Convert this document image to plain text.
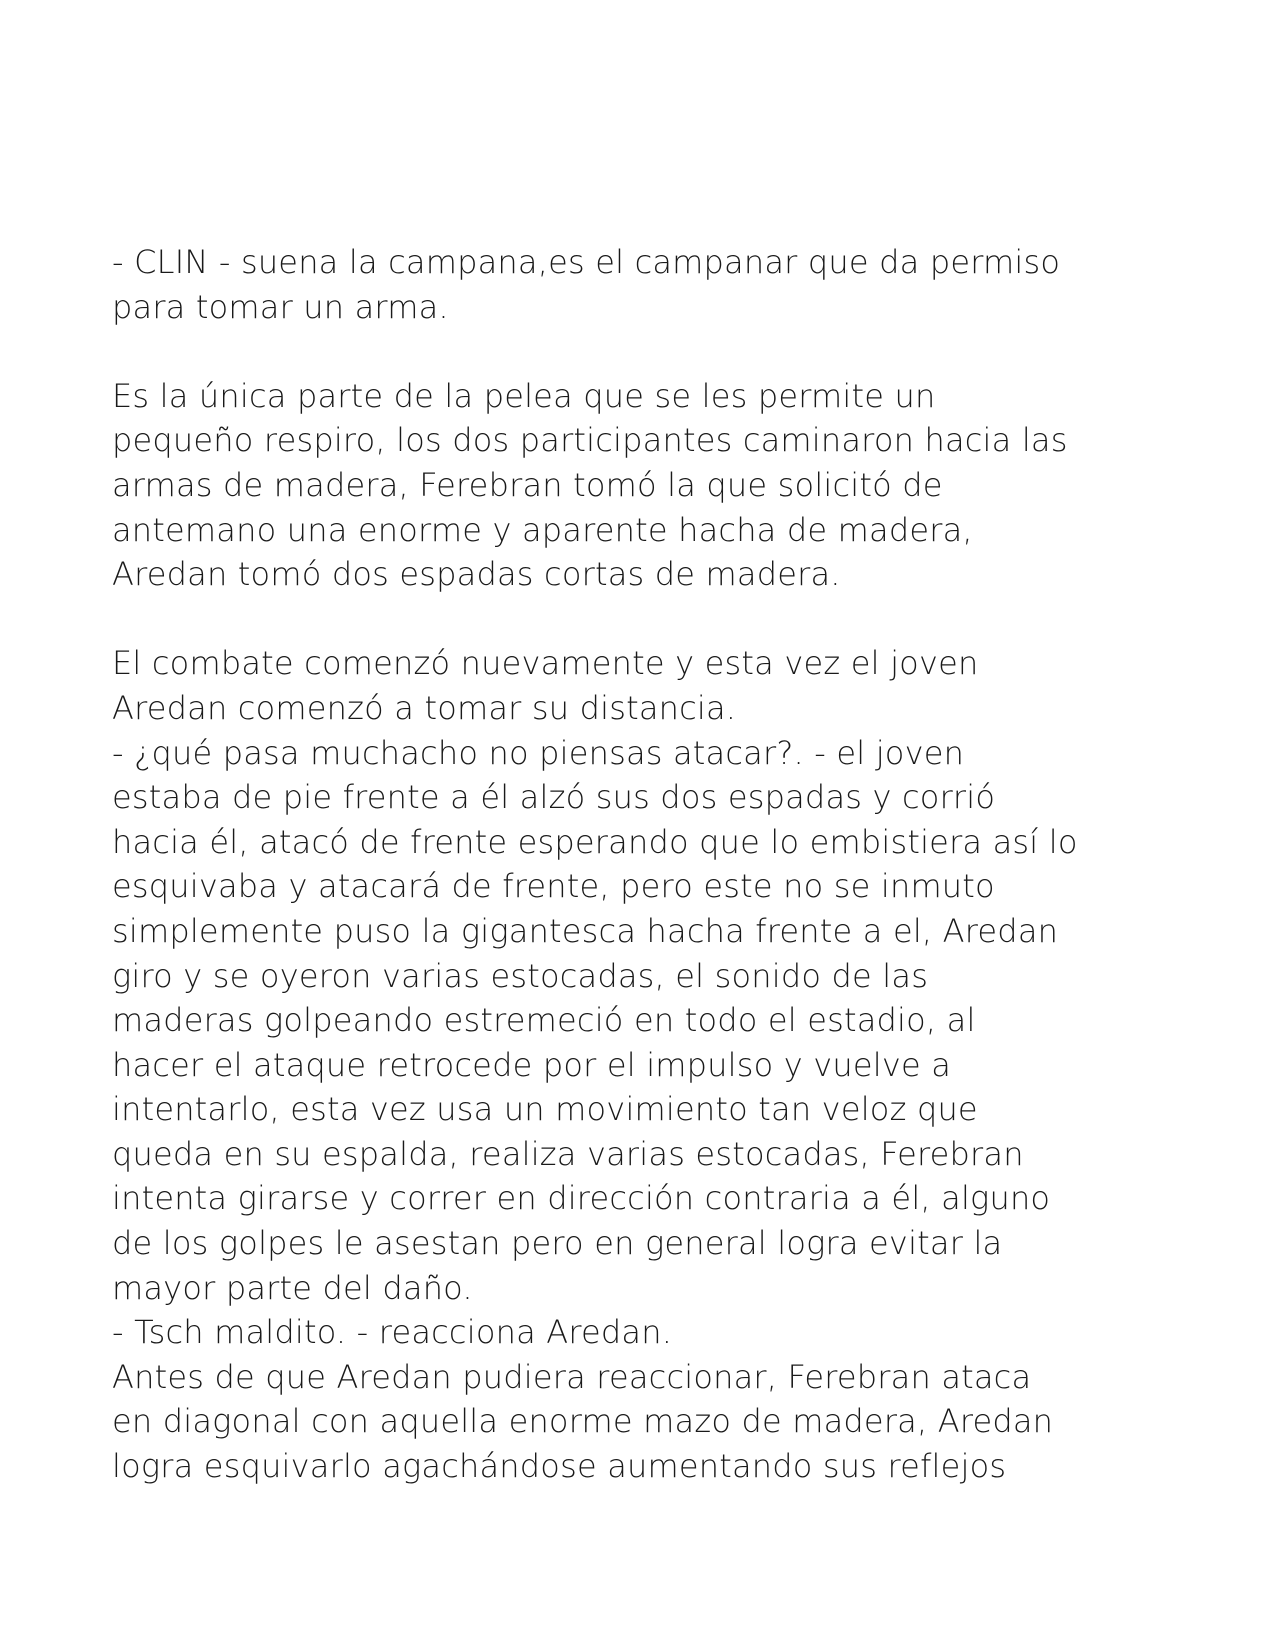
- CLIN - suena la campana,es el campanar que da permiso
para tomar un arma.
Es la única parte de la pelea que se les permite un
pequeño respiro, los dos participantes caminaron hacia las
armas de madera, Ferebran tomó la que solicitó de
antemano una enorme y aparente hacha de madera,
Aredan tomó dos espadas cortas de madera.
El combate comenzó nuevamente y esta vez el joven
Aredan comenzó a tomar su distancia.
- ¿qué pasa muchacho no piensas atacar?. - el joven
estaba de pie frente a él alzó sus dos espadas y corrió
hacia él, atacó de frente esperando que lo embistiera así lo
esquivaba y atacará de frente, pero este no se inmuto
simplemente puso la gigantesca hacha frente a el, Aredan
giro y se oyeron varias estocadas, el sonido de las
maderas golpeando estremeció en todo el estadio, al
hacer el ataque retrocede por el impulso y vuelve a
intentarlo, esta vez usa un movimiento tan veloz que
queda en su espalda, realiza varias estocadas, Ferebran
intenta girarse y correr en dirección contraria a él, alguno
de los golpes le asestan pero en general logra evitar la
mayor parte del daño.
- Tsch maldito. - reacciona Aredan.
Antes de que Aredan pudiera reaccionar, Ferebran ataca
en diagonal con aquella enorme mazo de madera, Aredan
logra esquivarlo agachándose aumentando sus reflejos
